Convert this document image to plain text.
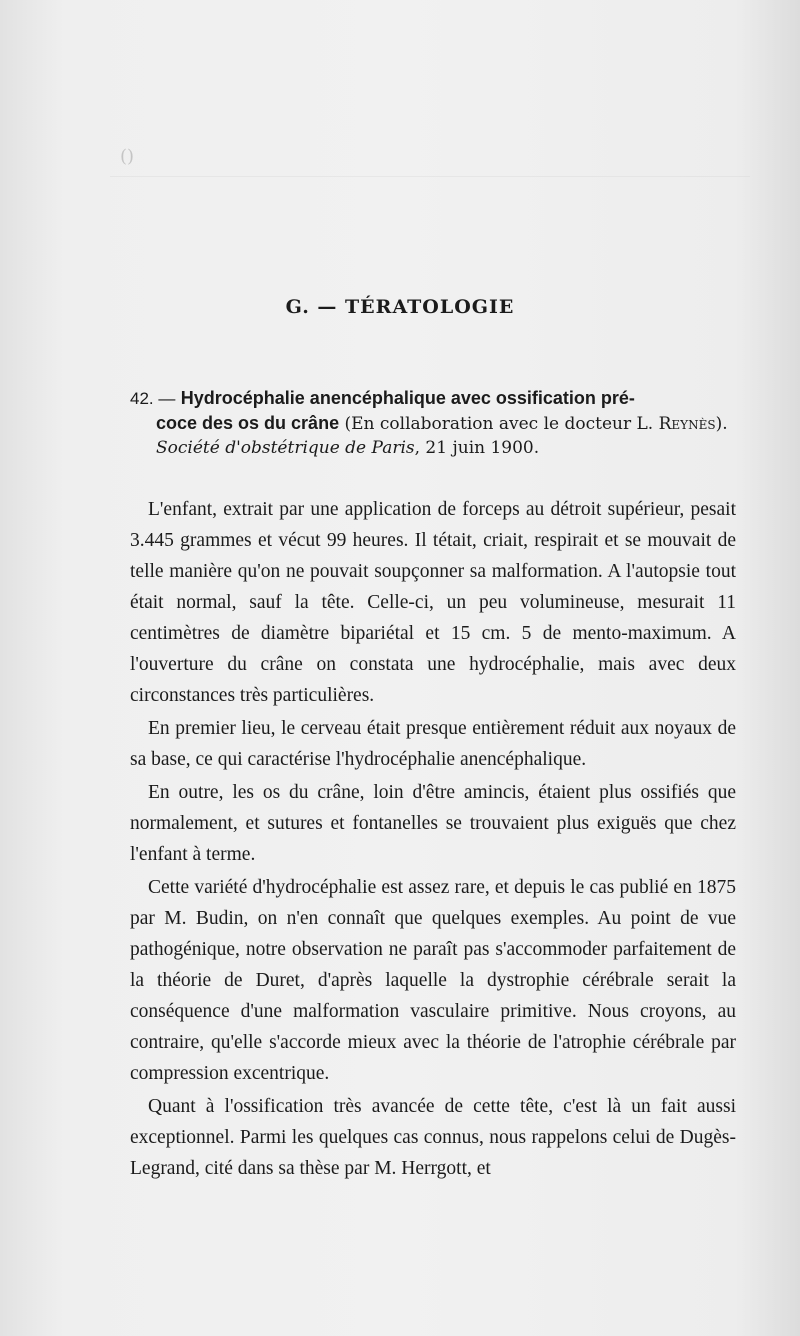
()
G. — TÉRATOLOGIE
42. — Hydrocéphalie anencéphalique avec ossification pré-
coce des os du crâne (En collaboration avec le docteur L. Reynès).
Société d'obstétrique de Paris, 21 juin 1900.

L'enfant, extrait par une application de forceps au détroit supérieur, pesait 3.445 grammes et vécut 99 heures. Il tétait, criait, respirait et se mouvait de telle manière qu'on ne pouvait soupçonner sa malformation. A l'autopsie tout était normal, sauf la tête. Celle-ci, un peu volumineuse, mesurait 11 centimètres de diamètre bipariétal et 15 cm. 5 de mento-maximum. A l'ouverture du crâne on constata une hydrocéphalie, mais avec deux circonstances très particulières.

En premier lieu, le cerveau était presque entièrement réduit aux noyaux de sa base, ce qui caractérise l'hydrocéphalie anencéphalique.

En outre, les os du crâne, loin d'être amincis, étaient plus ossifiés que normalement, et sutures et fontanelles se trouvaient plus exiguës que chez l'enfant à terme.

Cette variété d'hydrocéphalie est assez rare, et depuis le cas publié en 1875 par M. Budin, on n'en connaît que quelques exemples. Au point de vue pathogénique, notre observation ne paraît pas s'accommoder parfaitement de la théorie de Duret, d'après laquelle la dystrophie cérébrale serait la conséquence d'une malformation vasculaire primitive. Nous croyons, au contraire, qu'elle s'accorde mieux avec la théorie de l'atrophie cérébrale par compression excentrique.

Quant à l'ossification très avancée de cette tête, c'est là un fait aussi exceptionnel. Parmi les quelques cas connus, nous rappelons celui de Dugès-Legrand, cité dans sa thèse par M. Herrgott, et
